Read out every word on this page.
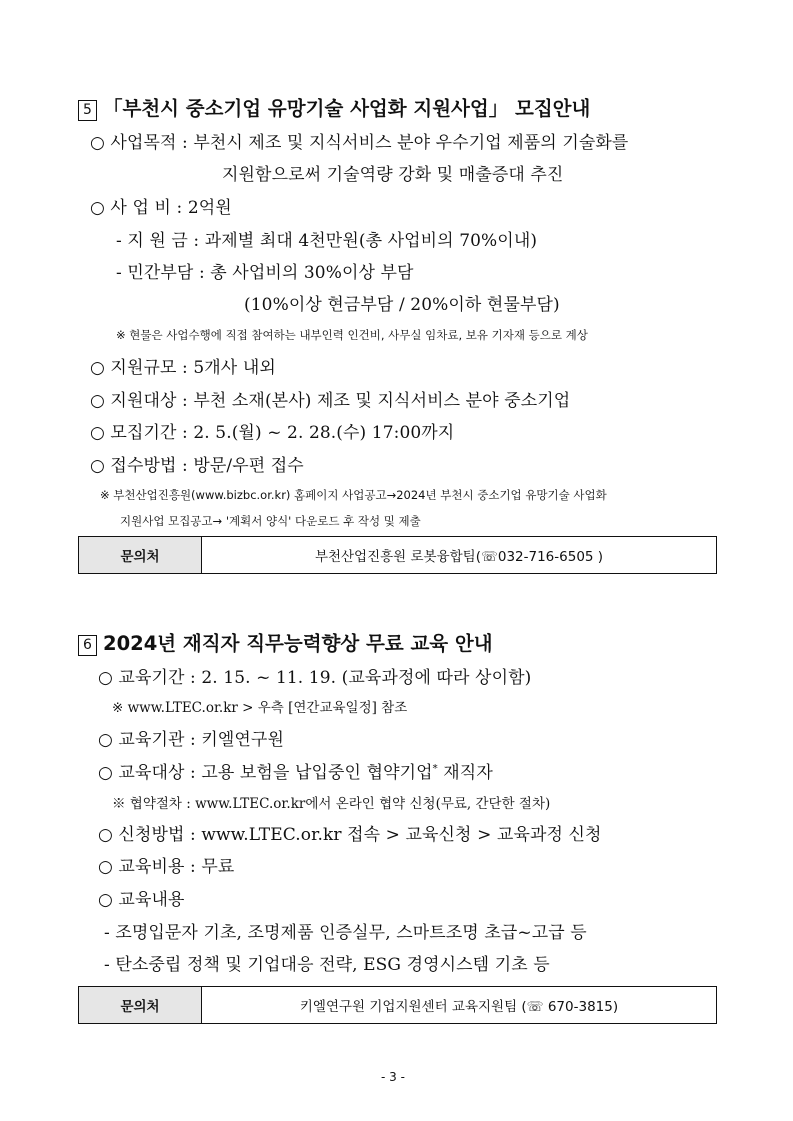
5 「부천시 중소기업 유망기술 사업화 지원사업」 모집안내
○ 사업목적 : 부천시 제조 및 지식서비스 분야 우수기업 제품의 기술화를
지원함으로써 기술역량 강화 및 매출증대 추진
○ 사 업 비 : 2억원
- 지 원 금 : 과제별 최대 4천만원(총 사업비의 70%이내)
- 민간부담 : 총 사업비의 30%이상 부담
(10%이상 현금부담 / 20%이하 현물부담)
※ 현물은 사업수행에 직접 참여하는 내부인력 인건비, 사무실 임차료, 보유 기자재 등으로 계상
○ 지원규모 : 5개사 내외
○ 지원대상 : 부천 소재(본사) 제조 및 지식서비스 분야 중소기업
○ 모집기간 : 2. 5.(월) ~ 2. 28.(수) 17:00까지
○ 접수방법 : 방문/우편 접수
※ 부천산업진흥원(www.bizbc.or.kr) 홈페이지 사업공고→2024년 부천시 중소기업 유망기술 사업화
지원사업 모집공고→ '계획서 양식' 다운로드 후 작성 및 제출
문의처	부천산업진흥원 로봇융합팀(☏032-716-6505 )
6 2024년 재직자 직무능력향상 무료 교육 안내
○ 교육기간 : 2. 15. ~ 11. 19. (교육과정에 따라 상이함)
※ www.LTEC.or.kr > 우측 [연간교육일정] 참조
○ 교육기관 : 키엘연구원
○ 교육대상 : 고용 보험을 납입중인 협약기업* 재직자
※ 협약절차 : www.LTEC.or.kr에서 온라인 협약 신청(무료, 간단한 절차)
○ 신청방법 : www.LTEC.or.kr 접속 > 교육신청 > 교육과정 신청
○ 교육비용 : 무료
○ 교육내용
- 조명입문자 기초, 조명제품 인증실무, 스마트조명 초급~고급 등
- 탄소중립 정책 및 기업대응 전략, ESG 경영시스템 기초 등
문의처	키엘연구원 기업지원센터 교육지원팀 (☏ 670-3815)
- 3 -
